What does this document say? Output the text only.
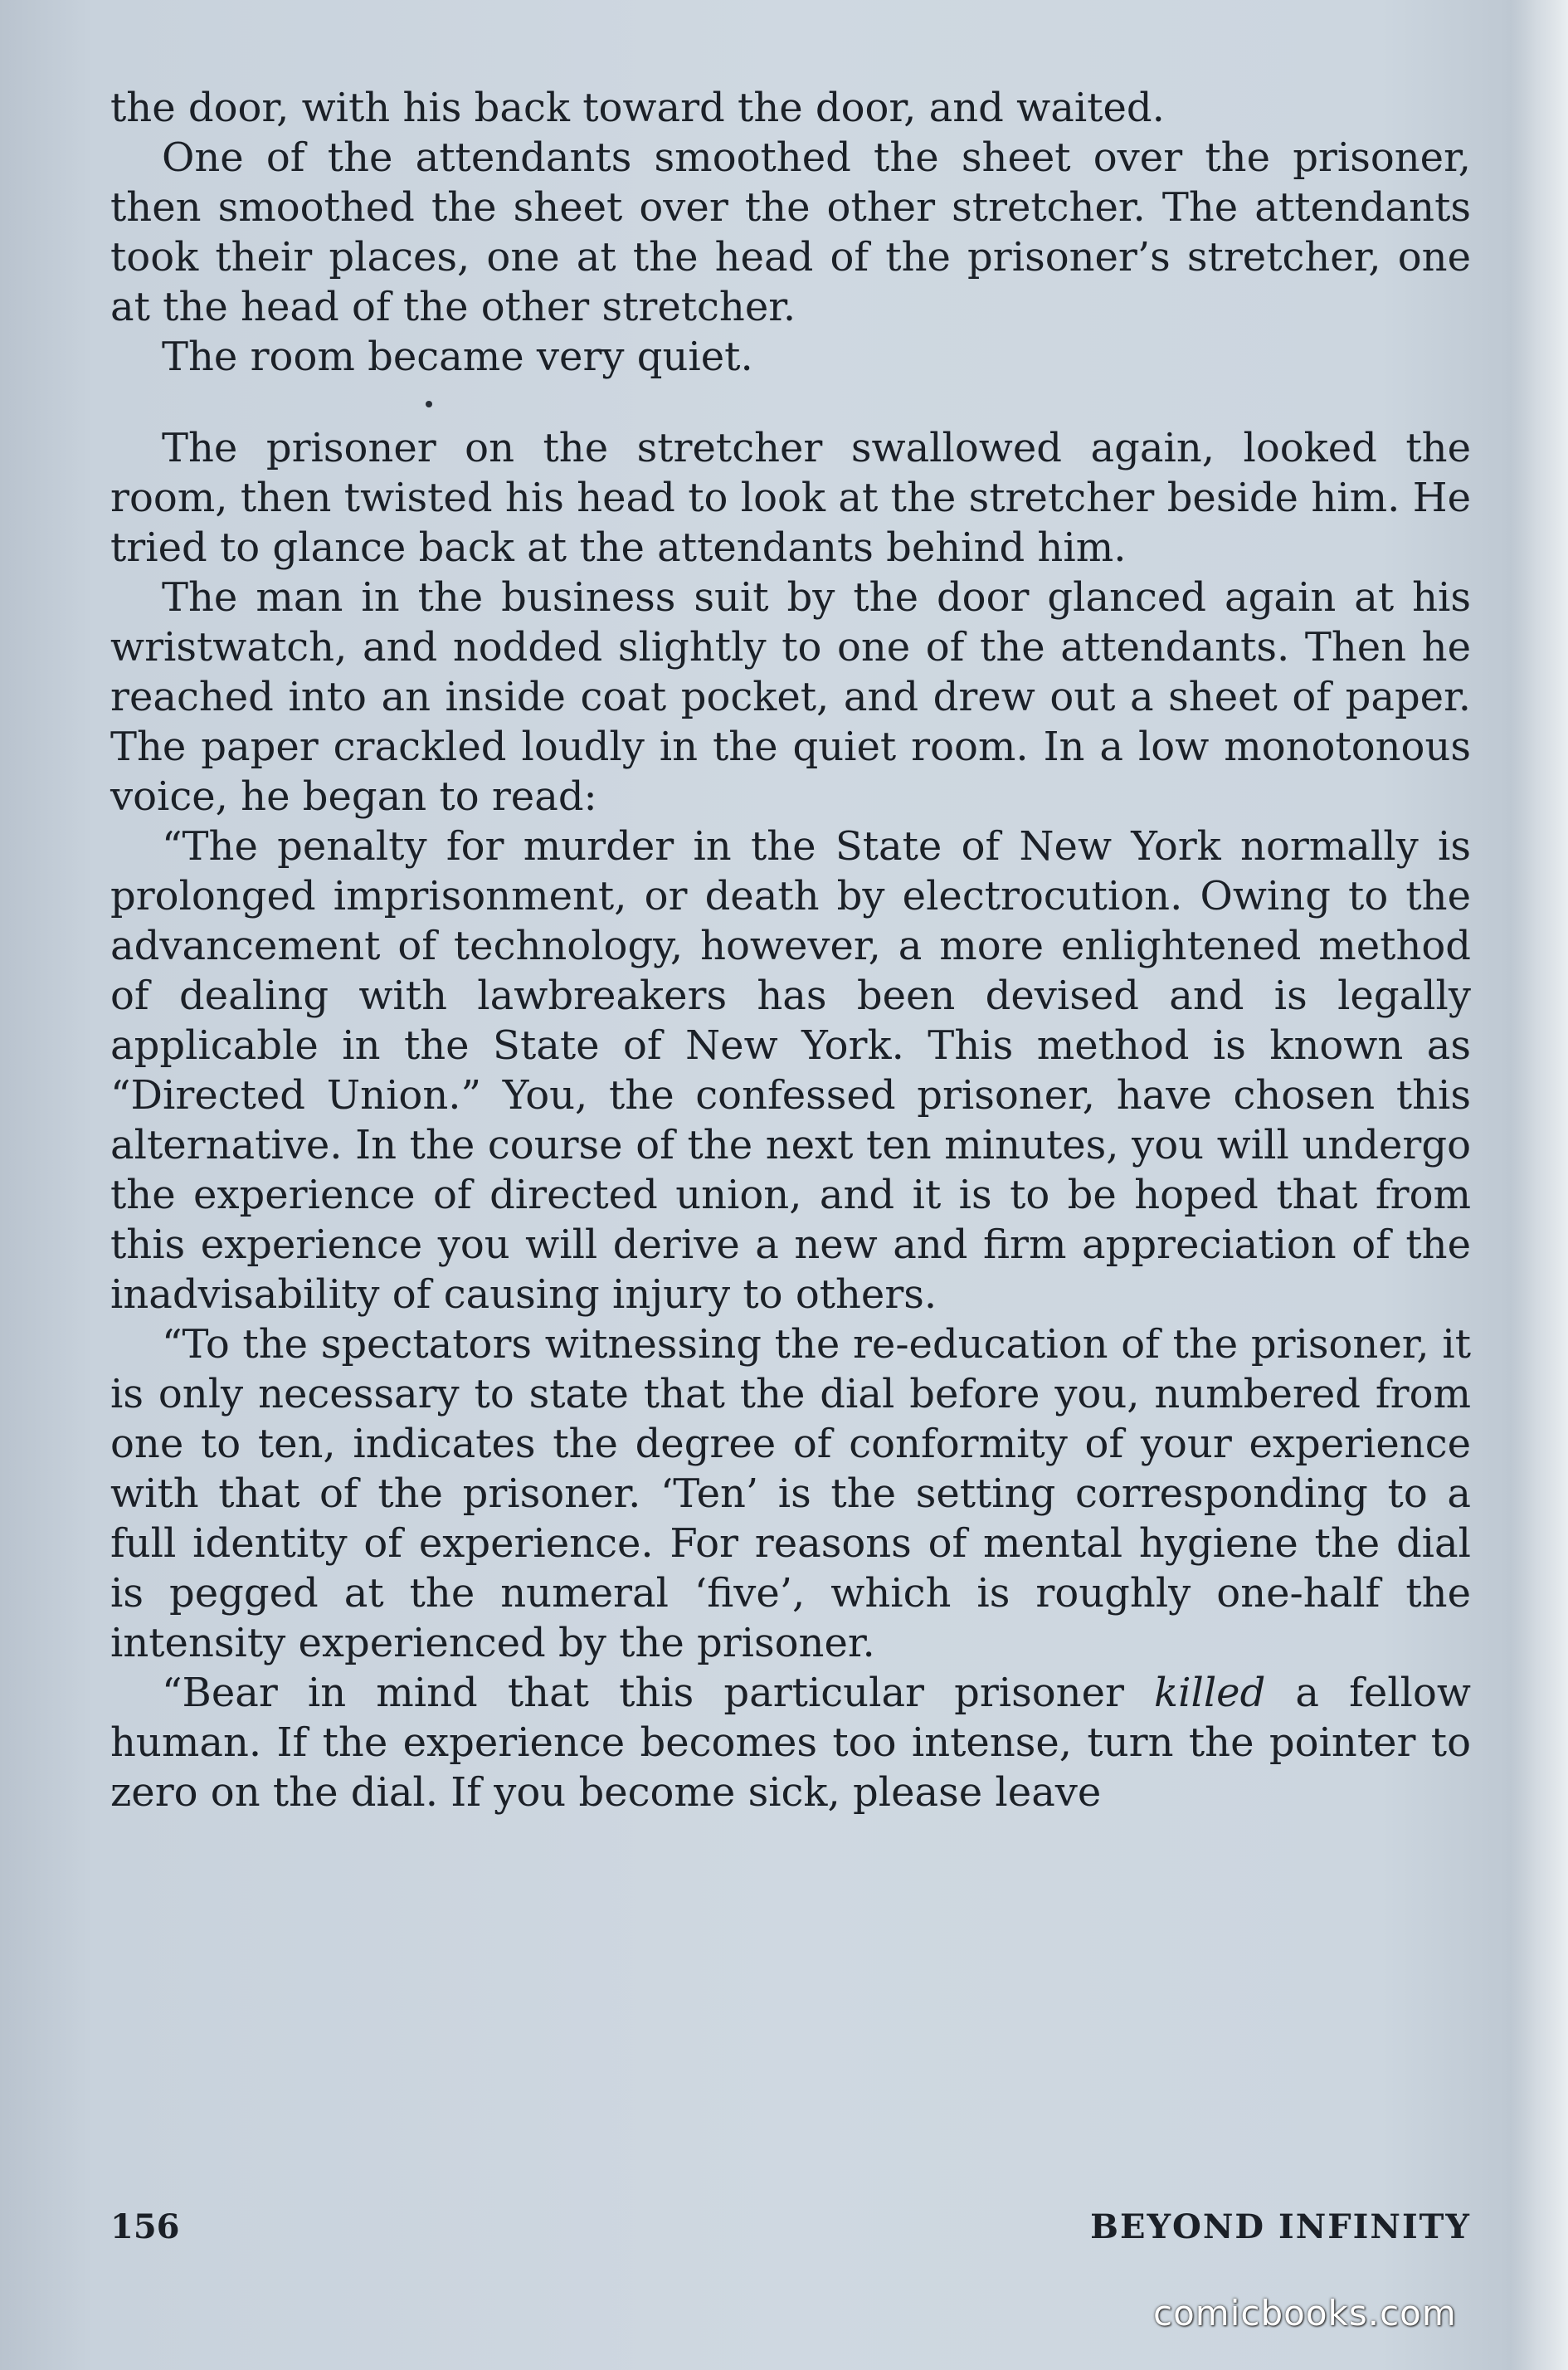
the door, with his back toward the door, and waited.

One of the attendants smoothed the sheet over the prisoner, then smoothed the sheet over the other stretcher. The attendants took their places, one at the head of the prisoner’s stretcher, one at the head of the other stretcher.

The room became very quiet.

The prisoner on the stretcher swallowed again, looked the room, then twisted his head to look at the stretcher beside him. He tried to glance back at the attendants behind him.

The man in the business suit by the door glanced again at his wristwatch, and nodded slightly to one of the attendants. Then he reached into an inside coat pocket, and drew out a sheet of paper. The paper crackled loudly in the quiet room. In a low monotonous voice, he began to read:

“The penalty for murder in the State of New York normally is prolonged imprisonment, or death by electrocution. Owing to the advancement of technology, however, a more enlightened method of dealing with lawbreakers has been devised and is legally applicable in the State of New York. This method is known as “Directed Union.” You, the confessed prisoner, have chosen this alternative. In the course of the next ten minutes, you will undergo the experience of directed union, and it is to be hoped that from this experience you will derive a new and firm appreciation of the inadvisability of causing injury to others.

“To the spectators witnessing the re-education of the prisoner, it is only necessary to state that the dial before you, numbered from one to ten, indicates the degree of conformity of your experience with that of the prisoner. ‘Ten’ is the setting corresponding to a full identity of experience. For reasons of mental hygiene the dial is pegged at the numeral ‘five’, which is roughly one-half the intensity experienced by the prisoner.

“Bear in mind that this particular prisoner killed a fellow human. If the experience becomes too intense, turn the pointer to zero on the dial. If you become sick, please leave

156	BEYOND INFINITY
comicbooks.com
